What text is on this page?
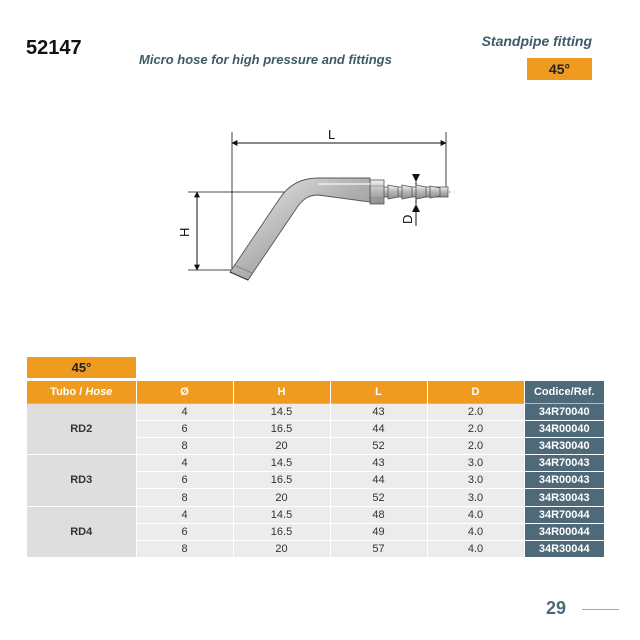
52147
Micro hose for high pressure and fittings
Standpipe fitting
45°
L
H
D
45°
Tubo / Hose	Ø	H	L	D	Codice/Ref.
RD2	4	14.5	43	2.0	34R70040
	6	16.5	44	2.0	34R00040
	8	20	52	2.0	34R30040
RD3	4	14.5	43	3.0	34R70043
	6	16.5	44	3.0	34R00043
	8	20	52	3.0	34R30043
RD4	4	14.5	48	4.0	34R70044
	6	16.5	49	4.0	34R00044
	8	20	57	4.0	34R30044
29
